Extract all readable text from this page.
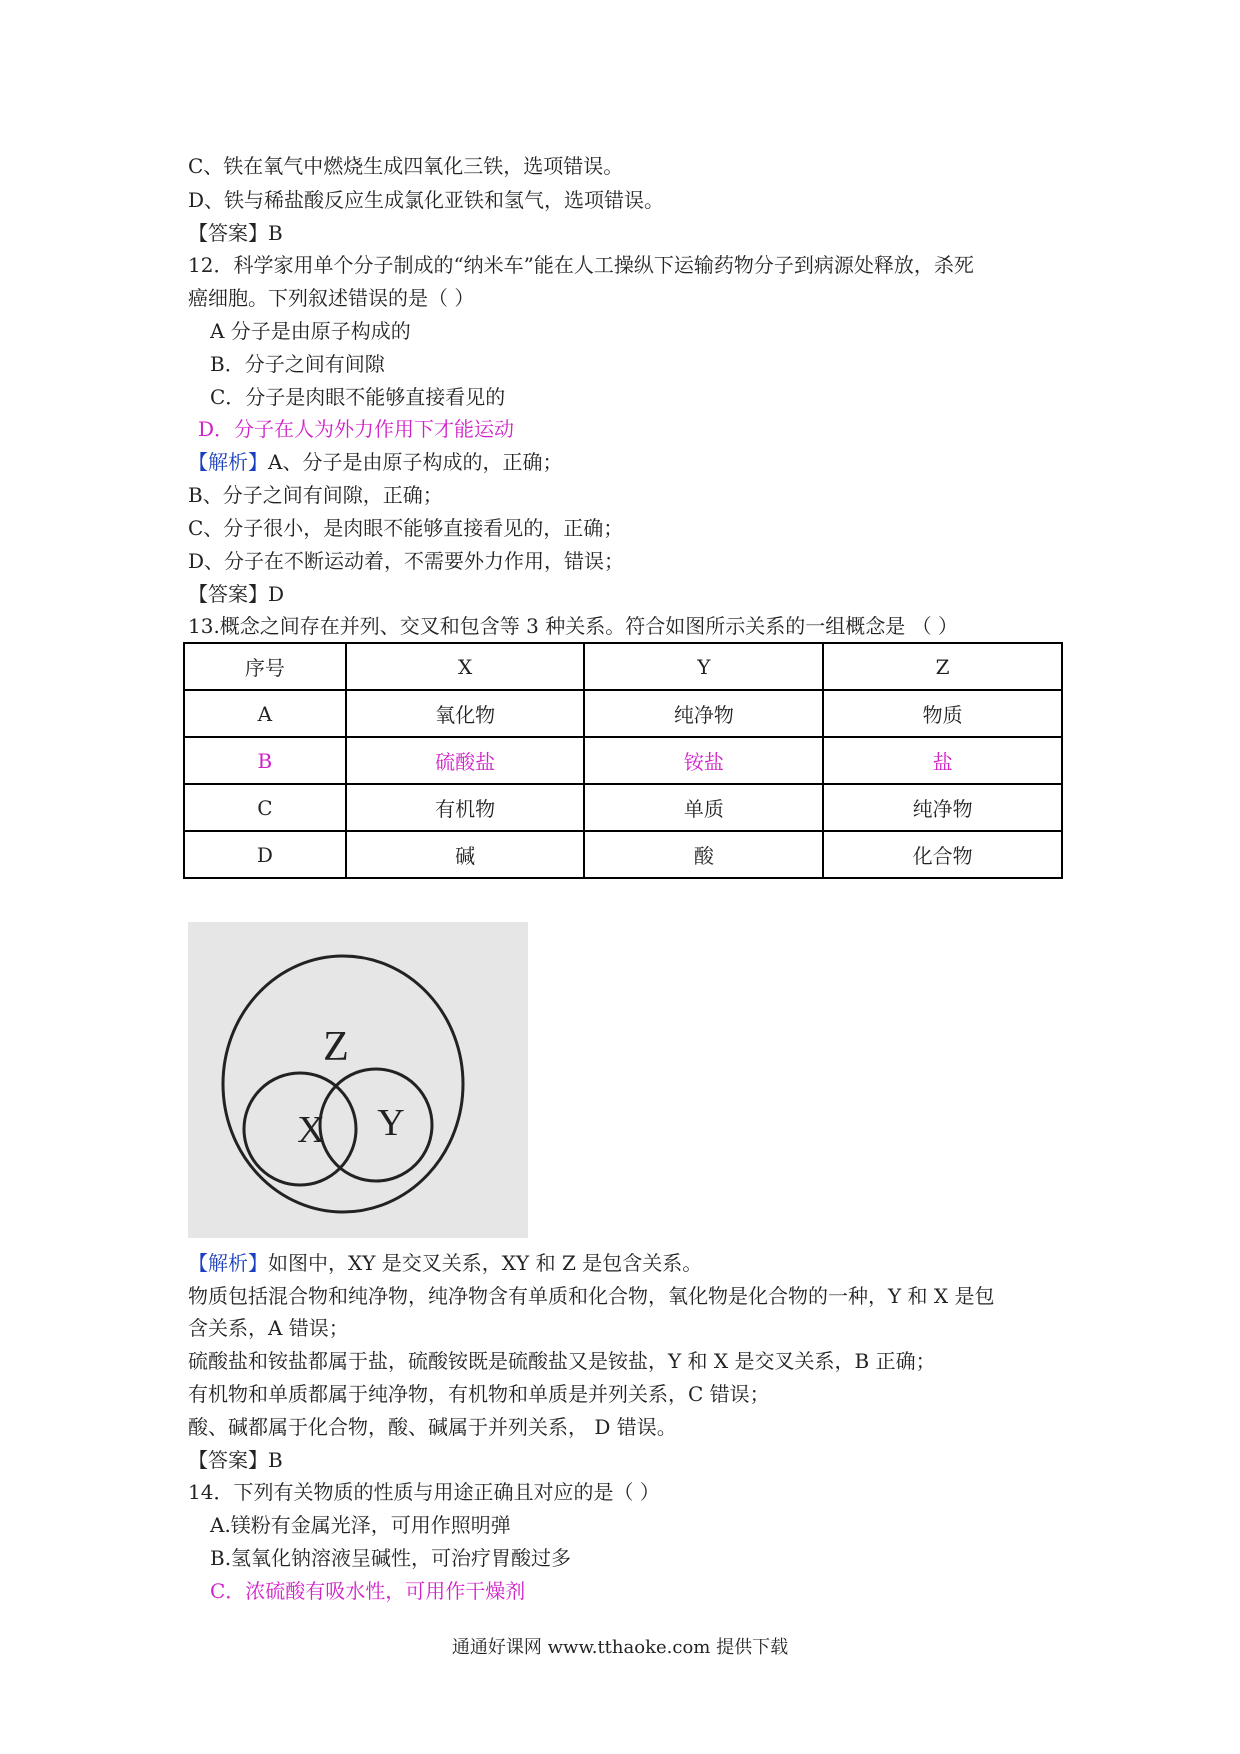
C、铁在氧气中燃烧生成四氧化三铁，选项错误。
D、铁与稀盐酸反应生成氯化亚铁和氢气，选项错误。
【答案】B
12．科学家用单个分子制成的“纳米车”能在人工操纵下运输药物分子到病源处释放，杀死
癌细胞。下列叙述错误的是（ ）
A 分子是由原子构成的
B．分子之间有间隙
C．分子是肉眼不能够直接看见的
D．分子在人为外力作用下才能运动
【解析】A、分子是由原子构成的，正确；
B、分子之间有间隙，正确；
C、分子很小，是肉眼不能够直接看见的，正确；
D、分子在不断运动着，不需要外力作用，错误；
【答案】D
13.概念之间存在并列、交叉和包含等 3 种关系。符合如图所示关系的一组概念是 （ ）
序号	X	Y	Z
A	氧化物	纯净物	物质
B	硫酸盐	铵盐	盐
C	有机物	单质	纯净物
D	碱	酸	化合物
Z
X Y
【解析】如图中，XY 是交叉关系，XY 和 Z 是包含关系。
物质包括混合物和纯净物，纯净物含有单质和化合物，氧化物是化合物的一种，Y 和 X 是包
含关系，A 错误；
硫酸盐和铵盐都属于盐，硫酸铵既是硫酸盐又是铵盐，Y 和 X 是交叉关系，B 正确；
有机物和单质都属于纯净物，有机物和单质是并列关系，C 错误；
酸、碱都属于化合物，酸、碱属于并列关系， D 错误。
【答案】B
14．下列有关物质的性质与用途正确且对应的是（ ）
A.镁粉有金属光泽，可用作照明弹
B.氢氧化钠溶液呈碱性，可治疗胃酸过多
C．浓硫酸有吸水性，可用作干燥剂
通通好课网 www.tthaoke.com 提供下载
